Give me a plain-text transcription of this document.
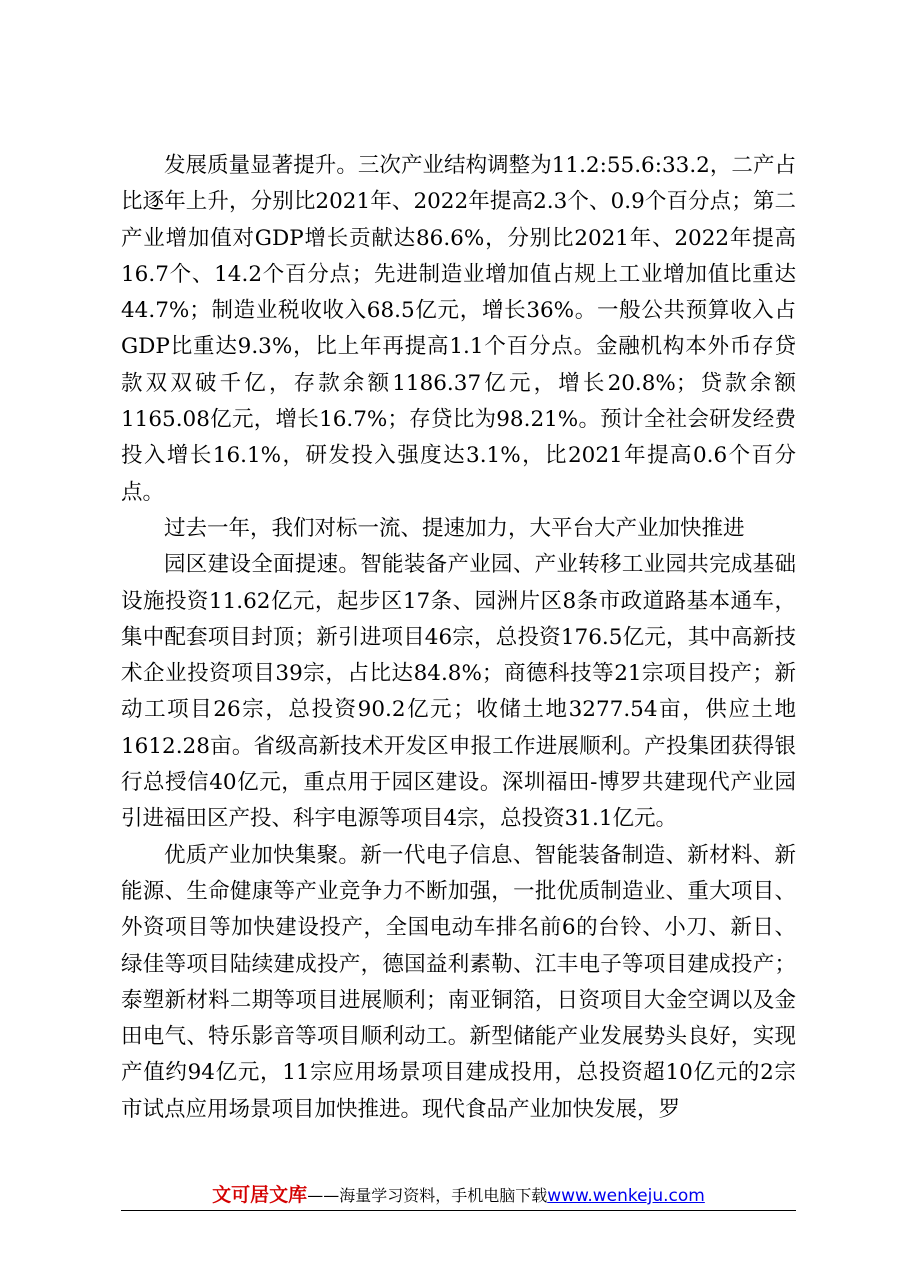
发展质量显著提升。三次产业结构调整为11.2:55.6:33.2，二产占比逐年上升，分别比2021年、2022年提高2.3个、0.9个百分点；第二产业增加值对GDP增长贡献达86.6%，分别比2021年、2022年提高16.7个、14.2个百分点；先进制造业增加值占规上工业增加值比重达44.7%；制造业税收收入68.5亿元，增长36%。一般公共预算收入占GDP比重达9.3%，比上年再提高1.1个百分点。金融机构本外币存贷款双双破千亿，存款余额1186.37亿元，增长20.8%；贷款余额1165.08亿元，增长16.7%；存贷比为98.21%。预计全社会研发经费投入增长16.1%，研发投入强度达3.1%，比2021年提高0.6个百分点。

过去一年，我们对标一流、提速加力，大平台大产业加快推进

园区建设全面提速。智能装备产业园、产业转移工业园共完成基础设施投资11.62亿元，起步区17条、园洲片区8条市政道路基本通车，集中配套项目封顶；新引进项目46宗，总投资176.5亿元，其中高新技术企业投资项目39宗，占比达84.8%；商德科技等21宗项目投产；新动工项目26宗，总投资90.2亿元；收储土地3277.54亩，供应土地1612.28亩。省级高新技术开发区申报工作进展顺利。产投集团获得银行总授信40亿元，重点用于园区建设。深圳福田-博罗共建现代产业园引进福田区产投、科宇电源等项目4宗，总投资31.1亿元。

优质产业加快集聚。新一代电子信息、智能装备制造、新材料、新能源、生命健康等产业竞争力不断加强，一批优质制造业、重大项目、外资项目等加快建设投产，全国电动车排名前6的台铃、小刀、新日、绿佳等项目陆续建成投产，德国益利素勒、江丰电子等项目建成投产；泰塑新材料二期等项目进展顺利；南亚铜箔，日资项目大金空调以及金田电气、特乐影音等项目顺利动工。新型储能产业发展势头良好，实现产值约94亿元，11宗应用场景项目建成投用，总投资超10亿元的2宗市试点应用场景项目加快推进。现代食品产业加快发展，罗

文可居文库——海量学习资料，手机电脑下载www.wenkeju.com
